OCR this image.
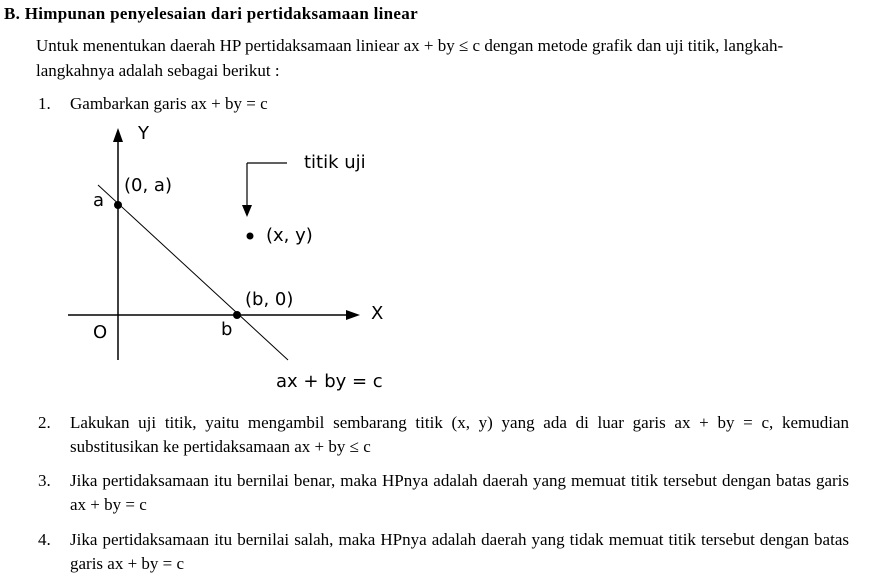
B. Himpunan penyelesaian dari pertidaksamaan linear
Untuk menentukan daerah HP pertidaksamaan liniear ax + by ≤ c dengan metode grafik dan uji titik, langkah-langkahnya adalah sebagai berikut :
1. Gambarkan garis ax + by = c
Y
X
O
a
b
(0, a)
(b, 0)
titik uji
(x, y)
ax + by = c
2. Lakukan uji titik, yaitu mengambil sembarang titik (x, y) yang ada di luar garis ax + by = c, kemudian substitusikan ke pertidaksamaan ax + by ≤ c
3. Jika pertidaksamaan itu bernilai benar, maka HPnya adalah daerah yang memuat titik tersebut dengan batas garis ax + by = c
4. Jika pertidaksamaan itu bernilai salah, maka HPnya adalah daerah yang tidak memuat titik tersebut dengan batas garis ax + by = c
